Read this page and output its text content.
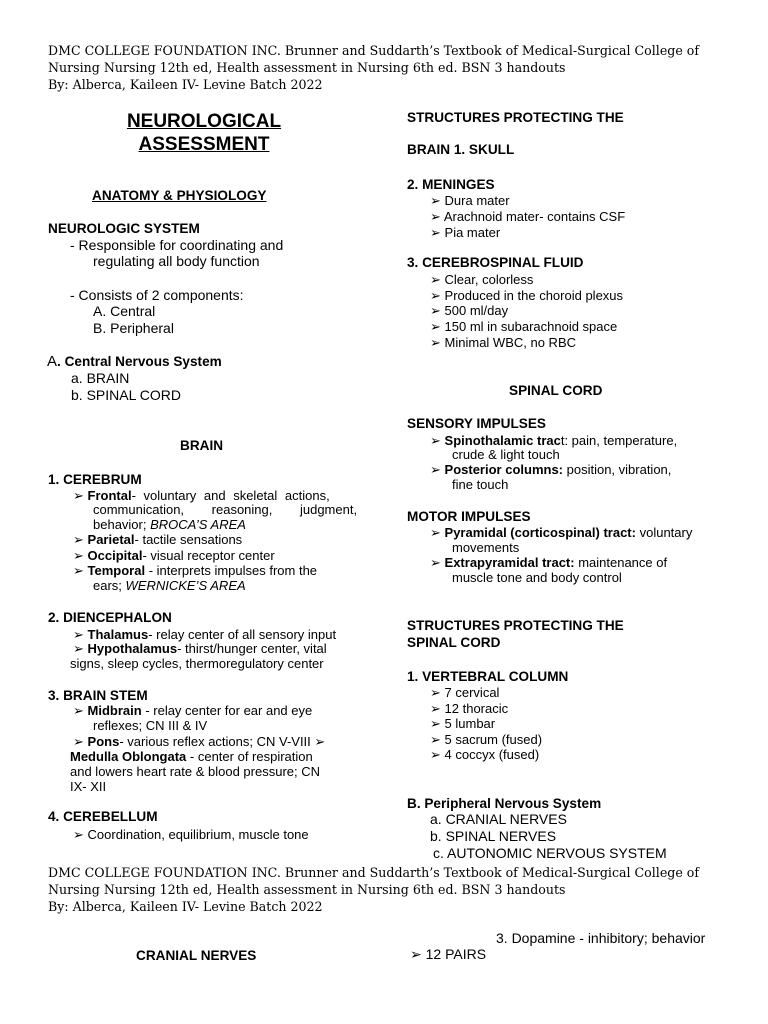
DMC COLLEGE FOUNDATION INC. Brunner and Suddarth’s Textbook of Medical-Surgical College of
Nursing Nursing 12th ed, Health assessment in Nursing 6th ed. BSN 3 handouts
By: Alberca, Kaileen IV- Levine Batch 2022
NEUROLOGICAL
ASSESSMENT
ANATOMY & PHYSIOLOGY
NEUROLOGIC SYSTEM
- Responsible for coordinating and
regulating all body function
- Consists of 2 components:
A. Central
B. Peripheral
A. Central Nervous System
a. BRAIN
b. SPINAL CORD
BRAIN
1. CEREBRUM
➢ Frontal- voluntary and skeletal actions,
communication, reasoning, judgment,
behavior; BROCA’S AREA
➢ Parietal- tactile sensations
➢ Occipital- visual receptor center
➢ Temporal - interprets impulses from the
ears; WERNICKE’S AREA
2. DIENCEPHALON
➢ Thalamus- relay center of all sensory input
➢ Hypothalamus- thirst/hunger center, vital
signs, sleep cycles, thermoregulatory center
3. BRAIN STEM
➢ Midbrain - relay center for ear and eye
reflexes; CN III & IV
➢ Pons- various reflex actions; CN V-VIII ➢
Medulla Oblongata - center of respiration
and lowers heart rate & blood pressure; CN
IX- XII
4. CEREBELLUM
➢ Coordination, equilibrium, muscle tone
STRUCTURES PROTECTING THE
BRAIN 1. SKULL
2. MENINGES
➢ Dura mater
➢ Arachnoid mater- contains CSF
➢ Pia mater
3. CEREBROSPINAL FLUID
➢ Clear, colorless
➢ Produced in the choroid plexus
➢ 500 ml/day
➢ 150 ml in subarachnoid space
➢ Minimal WBC, no RBC
SPINAL CORD
SENSORY IMPULSES
➢ Spinothalamic tract: pain, temperature,
crude & light touch
➢ Posterior columns: position, vibration,
fine touch
MOTOR IMPULSES
➢ Pyramidal (corticospinal) tract: voluntary
movements
➢ Extrapyramidal tract: maintenance of
muscle tone and body control
STRUCTURES PROTECTING THE
SPINAL CORD
1. VERTEBRAL COLUMN
➢ 7 cervical
➢ 12 thoracic
➢ 5 lumbar
➢ 5 sacrum (fused)
➢ 4 coccyx (fused)
B. Peripheral Nervous System
a. CRANIAL NERVES
b. SPINAL NERVES
c. AUTONOMIC NERVOUS SYSTEM
DMC COLLEGE FOUNDATION INC. Brunner and Suddarth’s Textbook of Medical-Surgical College of
Nursing Nursing 12th ed, Health assessment in Nursing 6th ed. BSN 3 handouts
By: Alberca, Kaileen IV- Levine Batch 2022
3. Dopamine - inhibitory; behavior
CRANIAL NERVES	➢ 12 PAIRS
